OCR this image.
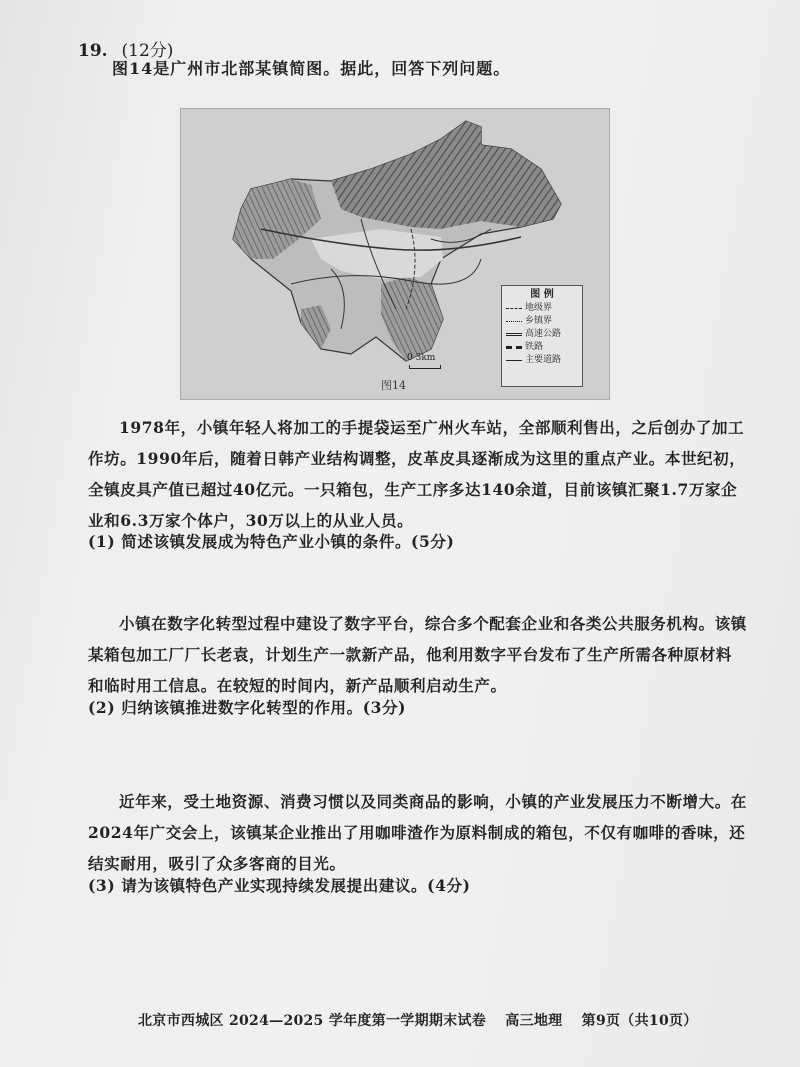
19. (12分)
图14是广州市北部某镇简图。据此，回答下列问题。
0 3km
图14
图 例
地级界
乡镇界
高速公路
铁路
主要道路
1978年，小镇年轻人将加工的手提袋运至广州火车站，全部顺利售出，之后创办了加工作坊。1990年后，随着日韩产业结构调整，皮革皮具逐渐成为这里的重点产业。本世纪初，全镇皮具产值已超过40亿元。一只箱包，生产工序多达140余道，目前该镇汇聚1.7万家企业和6.3万家个体户，30万以上的从业人员。
(1) 简述该镇发展成为特色产业小镇的条件。(5分)
小镇在数字化转型过程中建设了数字平台，综合多个配套企业和各类公共服务机构。该镇某箱包加工厂厂长老袁，计划生产一款新产品，他利用数字平台发布了生产所需各种原材料和临时用工信息。在较短的时间内，新产品顺利启动生产。
(2) 归纳该镇推进数字化转型的作用。(3分)
近年来，受土地资源、消费习惯以及同类商品的影响，小镇的产业发展压力不断增大。在2024年广交会上，该镇某企业推出了用咖啡渣作为原料制成的箱包，不仅有咖啡的香味，还结实耐用，吸引了众多客商的目光。
(3) 请为该镇特色产业实现持续发展提出建议。(4分)
北京市西城区 2024—2025 学年度第一学期期末试卷 高三地理 第9页（共10页）
